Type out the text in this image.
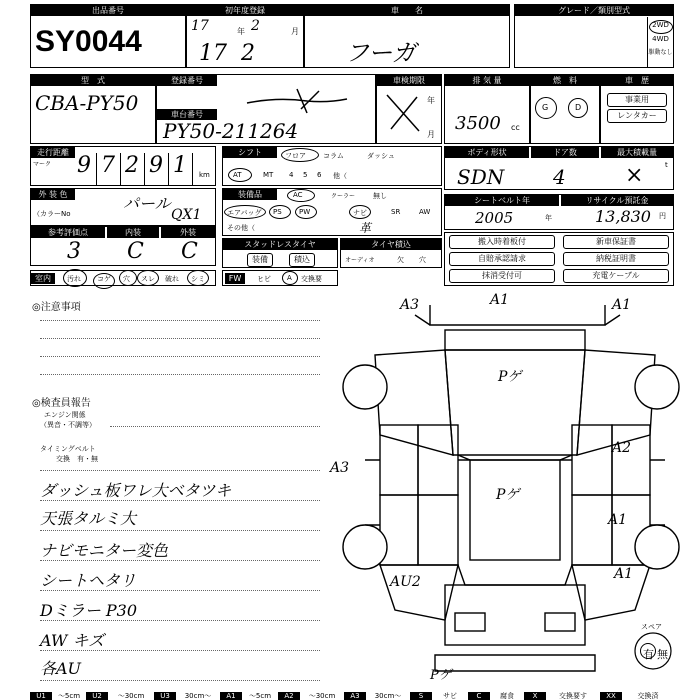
出品番号
SY0044
初年度登録
17	年 2	月
17  2
車　　名
フーガ
グレード／類別型式
2WD
4WD
駆動なし
型　式
CBA-PY50
登録番号
車台番号
PY50-211264
車検期限
年
月
排 気 量
3500 cc
燃　料
G	D
車　歴
事業用
レンタカー
走行距離
マーク 9 7 2 9 1	km
シフト	フロア コラム	ダッシュ
AT	MT 4 5 6 他（
ボディ形状	ドア数	最大積載量
SDN 4	×	t
外 装 色
（カラーNo
パール
QX1
装備品	AC	クーラー	無し
エアバッグ PS PW	ナビ	SR	AW
その他（	革
シートベルト年	リサイクル預託金
2005	年	13,830 円
参考評価点	内装	外装
3 C C	スタッドレスタイヤ
装備	積込
タイヤ積込
オーディオ	欠 穴
搬入時着板付	新車保証書
自賠承認請求	納税証明書
抹消受付可	充電ケーブル
室内	汚れ コゲ 穴 スレ 破れ シミ	FW	ヒビ A 交換要
◎注意事項
◎検査員報告
エンジン関係
（異音・不調等）
タイミングベルト
交換　有・無
ダッシュ板ワレ大ベタツキ
天張タルミ大
ナビモニター変色
シートヘタリ
Dミラー P30
AW キズ
各AU
A3	A1	A1
Pゲ
A3
Pゲ
A2
A1
A1
AU2
Pゲ
スペア
有 無
U1	～5cm	U2	～30cm	U3	30cm～	A1	～5cm	A2	～30cm	A3	30cm～	S	サビ	C	腐食	X	交換要す	XX	交換済
